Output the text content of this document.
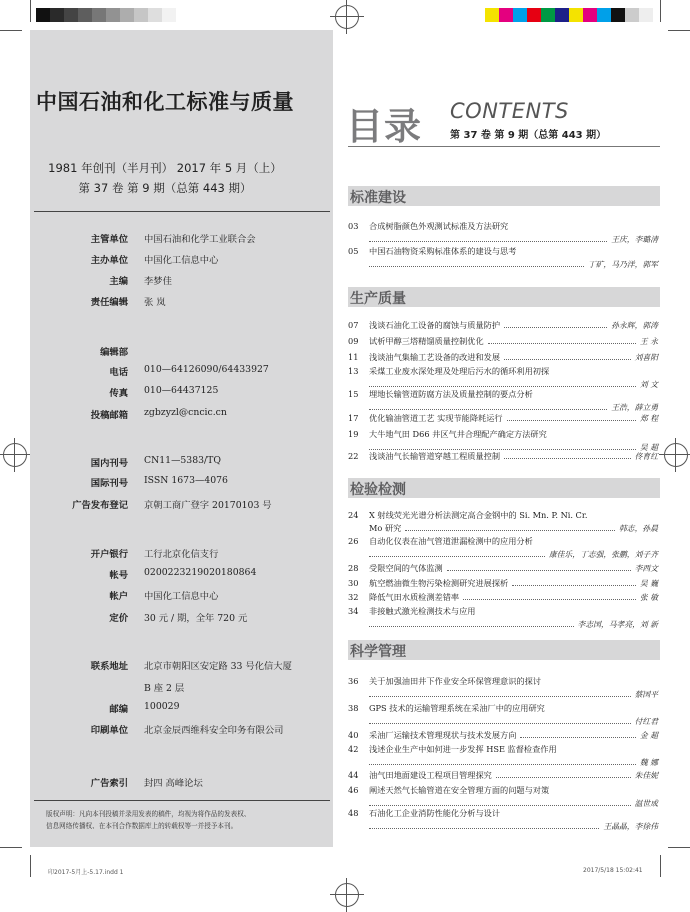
中国石油和化工标准与质量
1981 年创刊（半月刊） 2017 年 5 月（上）
第 37 卷 第 9 期（总第 443 期）
主管单位 中国石油和化学工业联合会
主办单位 中国化工信息中心
主编 李梦佳
责任编辑 张 岚
编辑部
电话 010—64126090/64433927
传真 010—64437125
投稿邮箱 zgbzyzl@cncic.cn
国内刊号 CN11—5383/TQ
国际刊号 ISSN 1673—4076
广告发布登记 京朝工商广登字 20170103 号
开户银行 工行北京化信支行
帐号 0200223219020180864
帐户 中国化工信息中心
定价 30 元 / 期，全年 720 元
联系地址 北京市朝阳区安定路 33 号化信大厦
B 座 2 层
邮编 100029
印刷单位 北京金辰西维科安全印务有限公司
广告索引 封四 高峰论坛
版权声明：凡向本刊投稿并录用发表的稿件，均视为将作品的发表权、
信息网络传播权、在本刊合作数据库上的转载权等一并授予本刊。
目录 CONTENTS
第 37 卷 第 9 期（总第 443 期）
标准建设
03 合成树脂颜色外观测试标准及方法研究
王庆，李璐清
05 中国石油物资采购标准体系的建设与思考
丁矿，马乃洋，郭军
生产质量
07 浅谈石油化工设备的腐蚀与质量防护	孙永辉，郭涛
09 试析甲醇三塔精馏质量控制优化	王 永
11 浅谈油气集输工艺设备的改进和发展	刘喜阳
13 采煤工业废水深处理及处理后污水的循环利用初探
刘 文
15 埋地长输管道防腐方法及质量控制的要点分析
王浩，薛立勇
17 优化输油管道工艺 实现节能降耗运行	郑 程
19 大牛地气田 D66 井区气井合理配产确定方法研究
吴 超
22 浅谈油气长输管道穿越工程质量控制	佟育红
检验检测
24 X 射线荧光光谱分析法测定高合金钢中的 Si. Mn. P. Ni. Cr.
Mo 研究	韩志，孙晨
26 自动化仪表在油气管道泄漏检测中的应用分析
康佳乐，丁志强，张鹏，刘子齐
28 受限空间的气体监测	李西文
30 航空燃油微生物污染检测研究进展探析	吴 巍
32 降低气田水质检测差错率	张 敏
34 非接触式激光检测技术与应用
李志国，马孝亮，刘 新
科学管理
36 关于加强油田井下作业安全环保管理意识的探讨
蔡国平
38 GPS 技术的运输管理系统在采油厂中的应用研究
付红君
40 采油厂运输技术管理现状与技术发展方向	金 超
42 浅述企业生产中如何进一步发挥 HSE 监督检查作用
魏 娜
44 油气田地面建设工程项目管理探究	朱佳妮
46 阐述天然气长输管道在安全管理方面的问题与对策
温世成
48 石油化工企业消防性能化分析与设计
王晶晶，李徐伟
印2017-5月上-5.17.indd 1	2017/5/18 15:02:41
